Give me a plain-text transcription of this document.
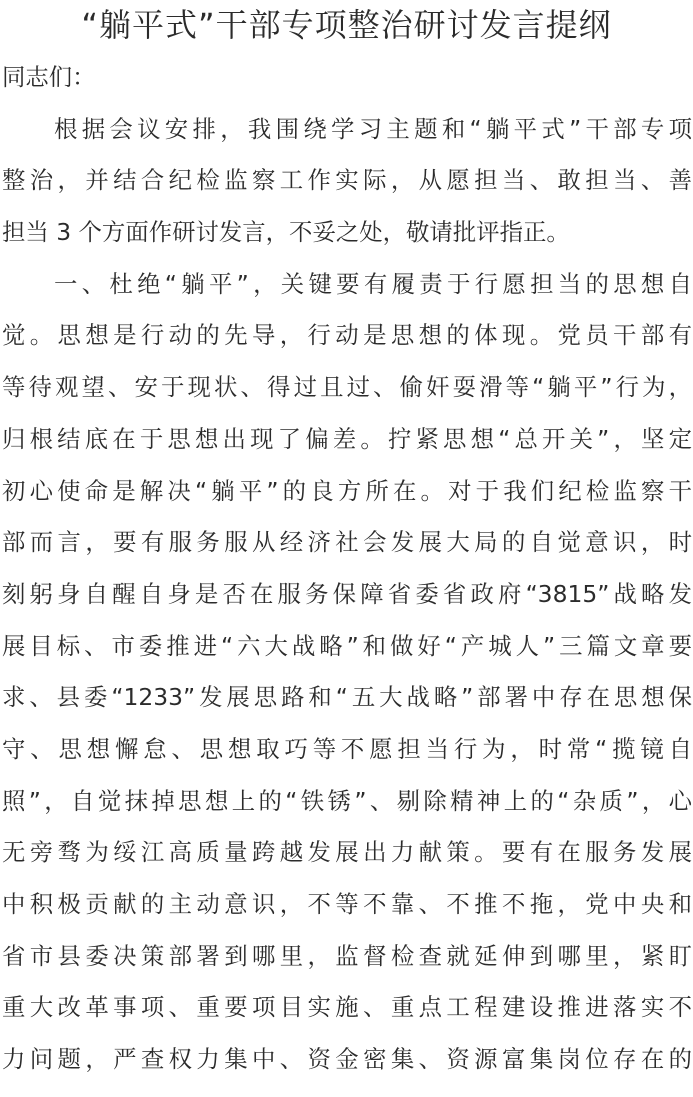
“躺平式”干部专项整治研讨发言提纲
同志们：
根据会议安排，我围绕学习主题和“躺平式”干部专项
整治，并结合纪检监察工作实际，从愿担当、敢担当、善
担当 3 个方面作研讨发言，不妥之处，敬请批评指正。
一、杜绝“躺平”，关键要有履责于行愿担当的思想自
觉。思想是行动的先导，行动是思想的体现。党员干部有
等待观望、安于现状、得过且过、偷奸耍滑等“躺平”行为，
归根结底在于思想出现了偏差。拧紧思想“总开关”，坚定
初心使命是解决“躺平”的良方所在。对于我们纪检监察干
部而言，要有服务服从经济社会发展大局的自觉意识，时
刻躬身自醒自身是否在服务保障省委省政府“3815”战略发
展目标、市委推进“六大战略”和做好“产城人”三篇文章要
求、县委“1233”发展思路和“五大战略”部署中存在思想保
守、思想懈怠、思想取巧等不愿担当行为，时常“揽镜自
照”，自觉抹掉思想上的“铁锈”、剔除精神上的“杂质”，心
无旁骛为绥江高质量跨越发展出力献策。要有在服务发展
中积极贡献的主动意识，不等不靠、不推不拖，党中央和
省市县委决策部署到哪里，监督检查就延伸到哪里，紧盯
重大改革事项、重要项目实施、重点工程建设推进落实不
力问题，严查权力集中、资金密集、资源富集岗位存在的
